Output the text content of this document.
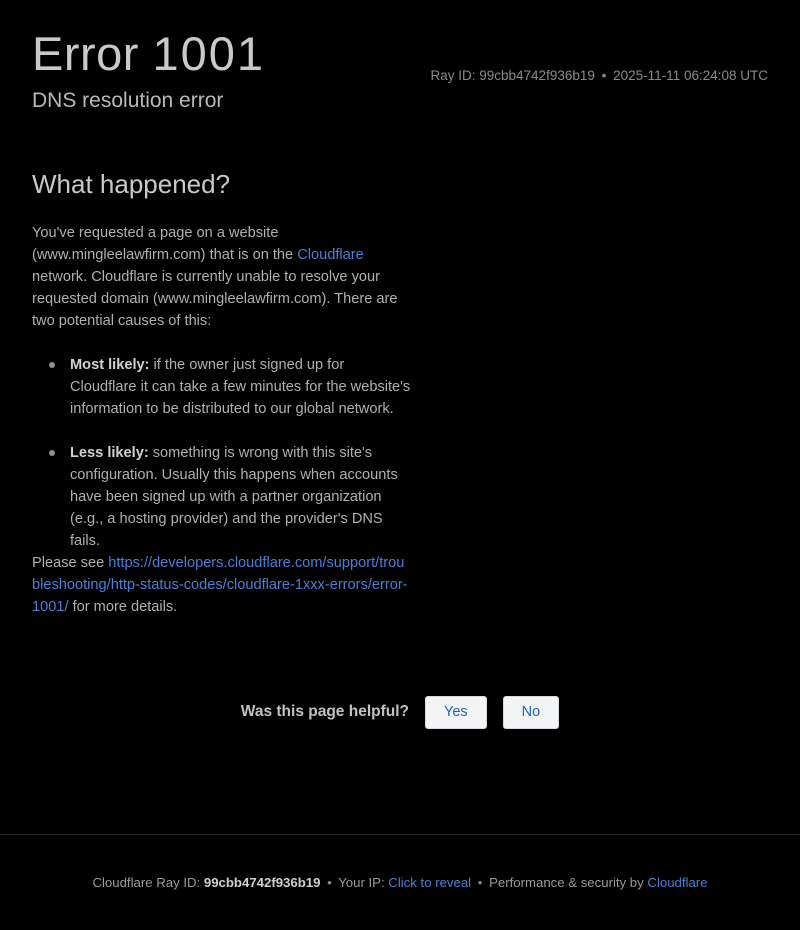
Error 1001	Ray ID: 99cbb4742f936b19 • 2025-11-11 06:24:08 UTC
DNS resolution error
What happened?

You've requested a page on a website (www.mingleelawfirm.com) that is on the Cloudflare network. Cloudflare is currently unable to resolve your requested domain (www.mingleelawfirm.com). There are two potential causes of this:

Most likely: if the owner just signed up for Cloudflare it can take a few minutes for the website's information to be distributed to our global network.
Less likely: something is wrong with this site's configuration. Usually this happens when accounts have been signed up with a partner organization (e.g., a hosting provider) and the provider's DNS fails.

Please see https://developers.cloudflare.com/support/troubleshooting/http-status-codes/cloudflare-1xxx-errors/error-1001/ for more details.

Was this page helpful?	Yes	No
Cloudflare Ray ID: 99cbb4742f936b19 • Your IP: Click to reveal • Performance & security by Cloudflare
